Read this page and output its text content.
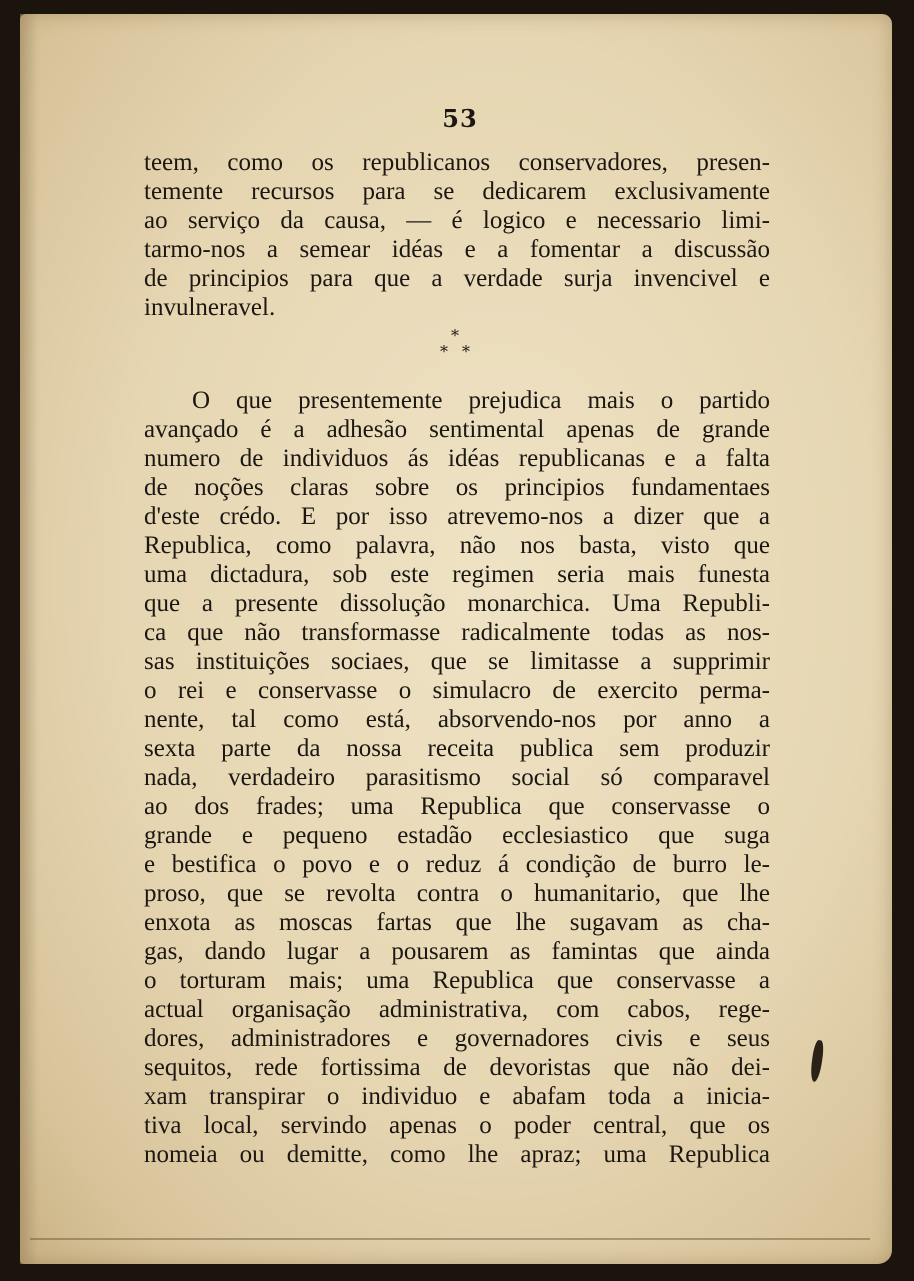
53
teem, como os republicanos conservadores, presen-
temente recursos para se dedicarem exclusivamente
ao serviço da causa, — é logico e necessario limi-
tarmo-nos a semear idéas e a fomentar a discussão
de principios para que a verdade surja invencivel e
invulneravel.
*
* *
O que presentemente prejudica mais o partido
avançado é a adhesão sentimental apenas de grande
numero de individuos ás idéas republicanas e a falta
de noções claras sobre os principios fundamentaes
d'este crédo. E por isso atrevemo-nos a dizer que a
Republica, como palavra, não nos basta, visto que
uma dictadura, sob este regimen seria mais funesta
que a presente dissolução monarchica. Uma Republi-
ca que não transformasse radicalmente todas as nos-
sas instituições sociaes, que se limitasse a supprimir
o rei e conservasse o simulacro de exercito perma-
nente, tal como está, absorvendo-nos por anno a
sexta parte da nossa receita publica sem produzir
nada, verdadeiro parasitismo social só comparavel
ao dos frades; uma Republica que conservasse o
grande e pequeno estadão ecclesiastico que suga
e bestifica o povo e o reduz á condição de burro le-
proso, que se revolta contra o humanitario, que lhe
enxota as moscas fartas que lhe sugavam as cha-
gas, dando lugar a pousarem as famintas que ainda
o torturam mais; uma Republica que conservasse a
actual organisação administrativa, com cabos, rege-
dores, administradores e governadores civis e seus
sequitos, rede fortissima de devoristas que não dei-
xam transpirar o individuo e abafam toda a inicia-
tiva local, servindo apenas o poder central, que os
nomeia ou demitte, como lhe apraz; uma Republica
